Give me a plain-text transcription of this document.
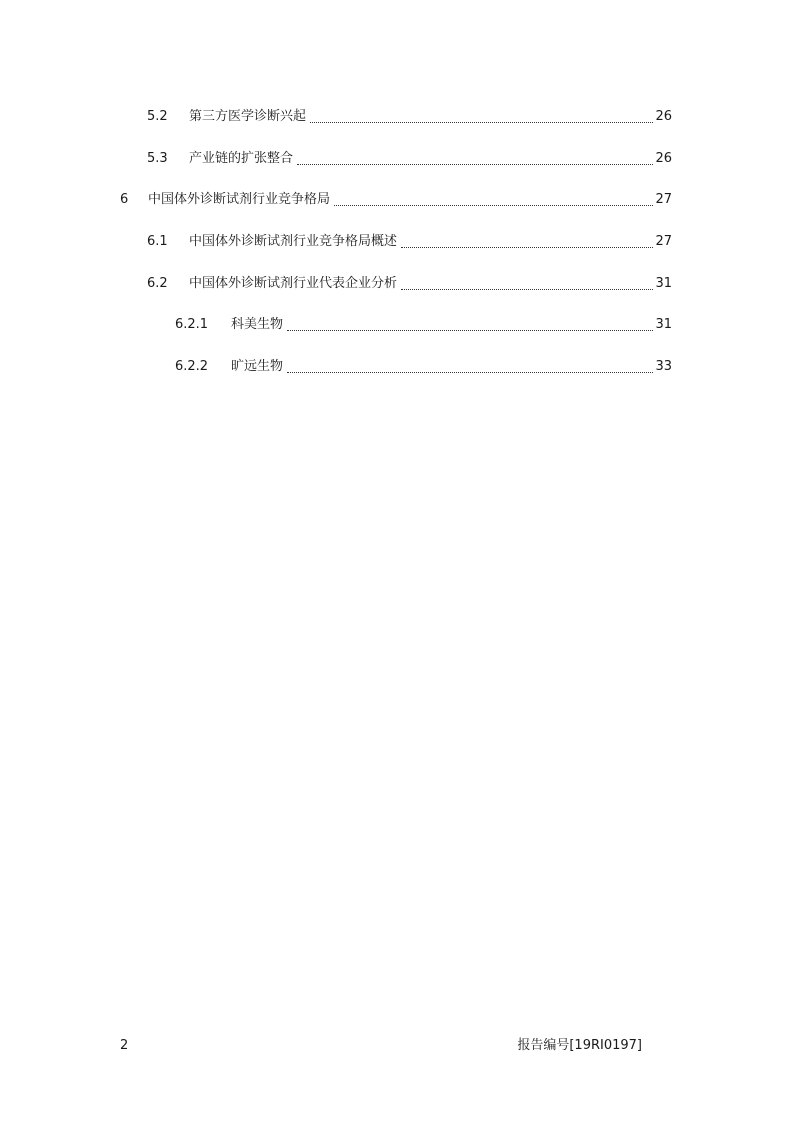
5.2	第三方医学诊断兴起	26
5.3	产业链的扩张整合	26
6	中国体外诊断试剂行业竞争格局	27
6.1	中国体外诊断试剂行业竞争格局概述	27
6.2	中国体外诊断试剂行业代表企业分析	31
6.2.1	科美生物	31
6.2.2	旷远生物	33
2	报告编号[19RI0197]
